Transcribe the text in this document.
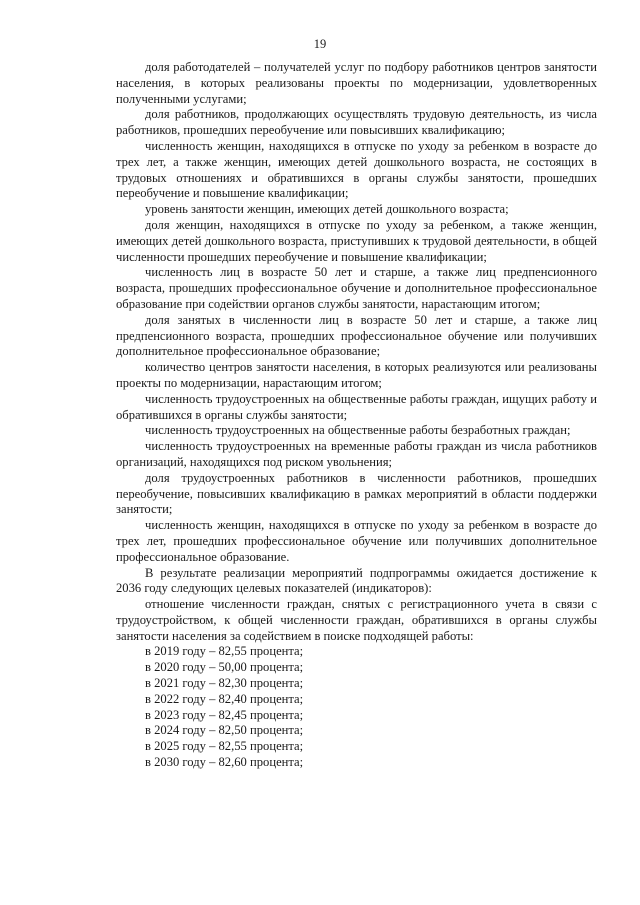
19

доля работодателей – получателей услуг по подбору работников центров занятости населения, в которых реализованы проекты по модернизации, удовлетворенных полученными услугами;

доля работников, продолжающих осуществлять трудовую деятельность, из числа работников, прошедших переобучение или повысивших квалификацию;

численность женщин, находящихся в отпуске по уходу за ребенком в возрасте до трех лет, а также женщин, имеющих детей дошкольного возраста, не состоящих в трудовых отношениях и обратившихся в органы службы занятости, прошедших переобучение и повышение квалификации;

уровень занятости женщин, имеющих детей дошкольного возраста;

доля женщин, находящихся в отпуске по уходу за ребенком, а также женщин, имеющих детей дошкольного возраста, приступивших к трудовой деятельности, в общей численности прошедших переобучение и повышение квалификации;

численность лиц в возрасте 50 лет и старше, а также лиц предпенсионного возраста, прошедших профессиональное обучение и дополнительное профессиональное образование при содействии органов службы занятости, нарастающим итогом;

доля занятых в численности лиц в возрасте 50 лет и старше, а также лиц предпенсионного возраста, прошедших профессиональное обучение или получивших дополнительное профессиональное образование;

количество центров занятости населения, в которых реализуются или реализованы проекты по модернизации, нарастающим итогом;

численность трудоустроенных на общественные работы граждан, ищущих работу и обратившихся в органы службы занятости;

численность трудоустроенных на общественные работы безработных граждан;

численность трудоустроенных на временные работы граждан из числа работников организаций, находящихся под риском увольнения;

доля трудоустроенных работников в численности работников, прошедших переобучение, повысивших квалификацию в рамках мероприятий в области поддержки занятости;

численность женщин, находящихся в отпуске по уходу за ребенком в возрасте до трех лет, прошедших профессиональное обучение или получивших дополнительное профессиональное образование.

В результате реализации мероприятий подпрограммы ожидается достижение к 2036 году следующих целевых показателей (индикаторов):

отношение численности граждан, снятых с регистрационного учета в связи с трудоустройством, к общей численности граждан, обратившихся в органы службы занятости населения за содействием в поиске подходящей работы:

в 2019 году – 82,55 процента;
в 2020 году – 50,00 процента;
в 2021 году – 82,30 процента;
в 2022 году – 82,40 процента;
в 2023 году – 82,45 процента;
в 2024 году – 82,50 процента;
в 2025 году – 82,55 процента;
в 2030 году – 82,60 процента;
